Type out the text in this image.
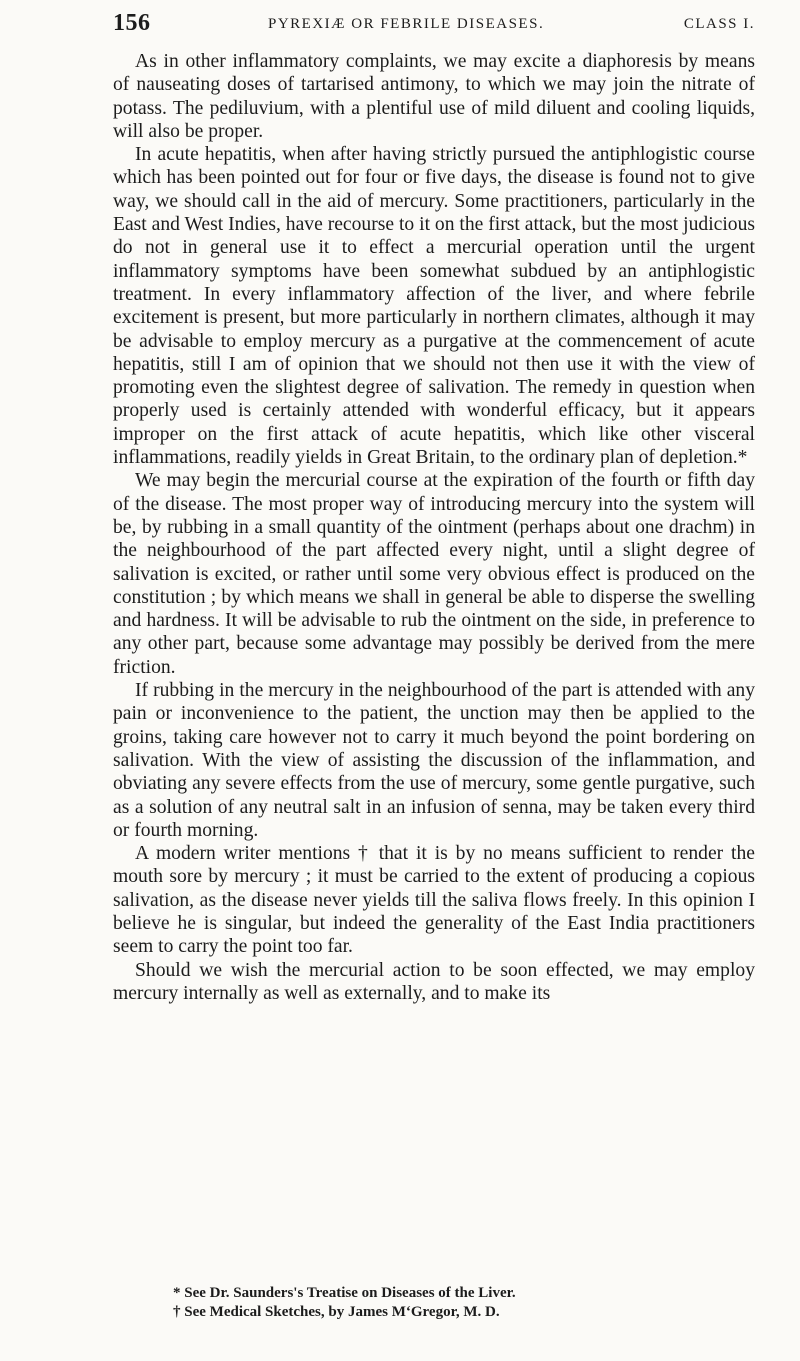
156	PYREXIÆ OR FEBRILE DISEASES.	CLASS I.

As in other inflammatory complaints, we may excite a diaphoresis by means of nauseating doses of tartarised antimony, to which we may join the nitrate of potass. The pediluvium, with a plentiful use of mild diluent and cooling liquids, will also be proper.

In acute hepatitis, when after having strictly pursued the antiphlogistic course which has been pointed out for four or five days, the disease is found not to give way, we should call in the aid of mercury. Some practitioners, particularly in the East and West Indies, have recourse to it on the first attack, but the most judicious do not in general use it to effect a mercurial operation until the urgent inflammatory symptoms have been somewhat subdued by an antiphlogistic treatment. In every inflammatory affection of the liver, and where febrile excitement is present, but more particularly in northern climates, although it may be advisable to employ mercury as a purgative at the commencement of acute hepatitis, still I am of opinion that we should not then use it with the view of promoting even the slightest degree of salivation. The remedy in question when properly used is certainly attended with wonderful efficacy, but it appears improper on the first attack of acute hepatitis, which like other visceral inflammations, readily yields in Great Britain, to the ordinary plan of depletion.*

We may begin the mercurial course at the expiration of the fourth or fifth day of the disease. The most proper way of introducing mercury into the system will be, by rubbing in a small quantity of the ointment (perhaps about one drachm) in the neighbourhood of the part affected every night, until a slight degree of salivation is excited, or rather until some very obvious effect is produced on the constitution ; by which means we shall in general be able to disperse the swelling and hardness. It will be advisable to rub the ointment on the side, in preference to any other part, because some advantage may possibly be derived from the mere friction.

If rubbing in the mercury in the neighbourhood of the part is attended with any pain or inconvenience to the patient, the unction may then be applied to the groins, taking care however not to carry it much beyond the point bordering on salivation. With the view of assisting the discussion of the inflammation, and obviating any severe effects from the use of mercury, some gentle purgative, such as a solution of any neutral salt in an infusion of senna, may be taken every third or fourth morning.

A modern writer mentions † that it is by no means sufficient to render the mouth sore by mercury ; it must be carried to the extent of producing a copious salivation, as the disease never yields till the saliva flows freely. In this opinion I believe he is singular, but indeed the generality of the East India practitioners seem to carry the point too far.

Should we wish the mercurial action to be soon effected, we may employ mercury internally as well as externally, and to make its

* See Dr. Saunders's Treatise on Diseases of the Liver.

† See Medical Sketches, by James M‘Gregor, M. D.
